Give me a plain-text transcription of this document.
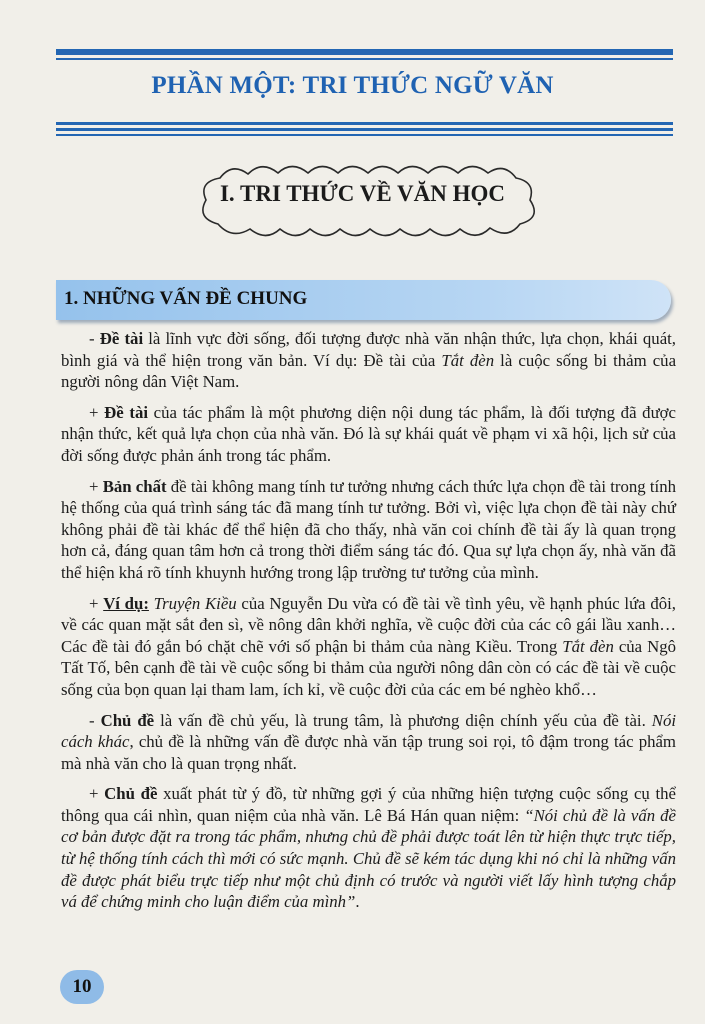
PHẦN MỘT: TRI THỨC NGỮ VĂN
I. TRI THỨC VỀ VĂN HỌC
1. NHỮNG VẤN ĐỀ CHUNG

- Đề tài là lĩnh vực đời sống, đối tượng được nhà văn nhận thức, lựa chọn, khái quát, bình giá và thể hiện trong văn bản. Ví dụ: Đề tài của Tắt đèn là cuộc sống bi thảm của người nông dân Việt Nam.

+ Đề tài của tác phẩm là một phương diện nội dung tác phẩm, là đối tượng đã được nhận thức, kết quả lựa chọn của nhà văn. Đó là sự khái quát về phạm vi xã hội, lịch sử của đời sống được phản ánh trong tác phẩm.

+ Bản chất đề tài không mang tính tư tưởng nhưng cách thức lựa chọn đề tài trong tính hệ thống của quá trình sáng tác đã mang tính tư tưởng. Bởi vì, việc lựa chọn đề tài này chứ không phải đề tài khác để thể hiện đã cho thấy, nhà văn coi chính đề tài ấy là quan trọng hơn cả, đáng quan tâm hơn cả trong thời điểm sáng tác đó. Qua sự lựa chọn ấy, nhà văn đã thể hiện khá rõ tính khuynh hướng trong lập trường tư tưởng của mình.

+ Ví dụ: Truyện Kiều của Nguyễn Du vừa có đề tài về tình yêu, về hạnh phúc lứa đôi, về các quan mặt sắt đen sì, về nông dân khởi nghĩa, về cuộc đời của các cô gái lầu xanh… Các đề tài đó gắn bó chặt chẽ với số phận bi thảm của nàng Kiều. Trong Tắt đèn của Ngô Tất Tố, bên cạnh đề tài về cuộc sống bi thảm của người nông dân còn có các đề tài về cuộc sống của bọn quan lại tham lam, ích kỉ, về cuộc đời của các em bé nghèo khổ…

- Chủ đề là vấn đề chủ yếu, là trung tâm, là phương diện chính yếu của đề tài. Nói cách khác, chủ đề là những vấn đề được nhà văn tập trung soi rọi, tô đậm trong tác phẩm mà nhà văn cho là quan trọng nhất.

+ Chủ đề xuất phát từ ý đồ, từ những gợi ý của những hiện tượng cuộc sống cụ thể thông qua cái nhìn, quan niệm của nhà văn. Lê Bá Hán quan niệm: “Nói chủ đề là vấn đề cơ bản được đặt ra trong tác phẩm, nhưng chủ đề phải được toát lên từ hiện thực trực tiếp, từ hệ thống tính cách thì mới có sức mạnh. Chủ đề sẽ kém tác dụng khi nó chỉ là những vấn đề được phát biểu trực tiếp như một chủ định có trước và người viết lấy hình tượng chắp vá để chứng minh cho luận điểm của mình”.

10
